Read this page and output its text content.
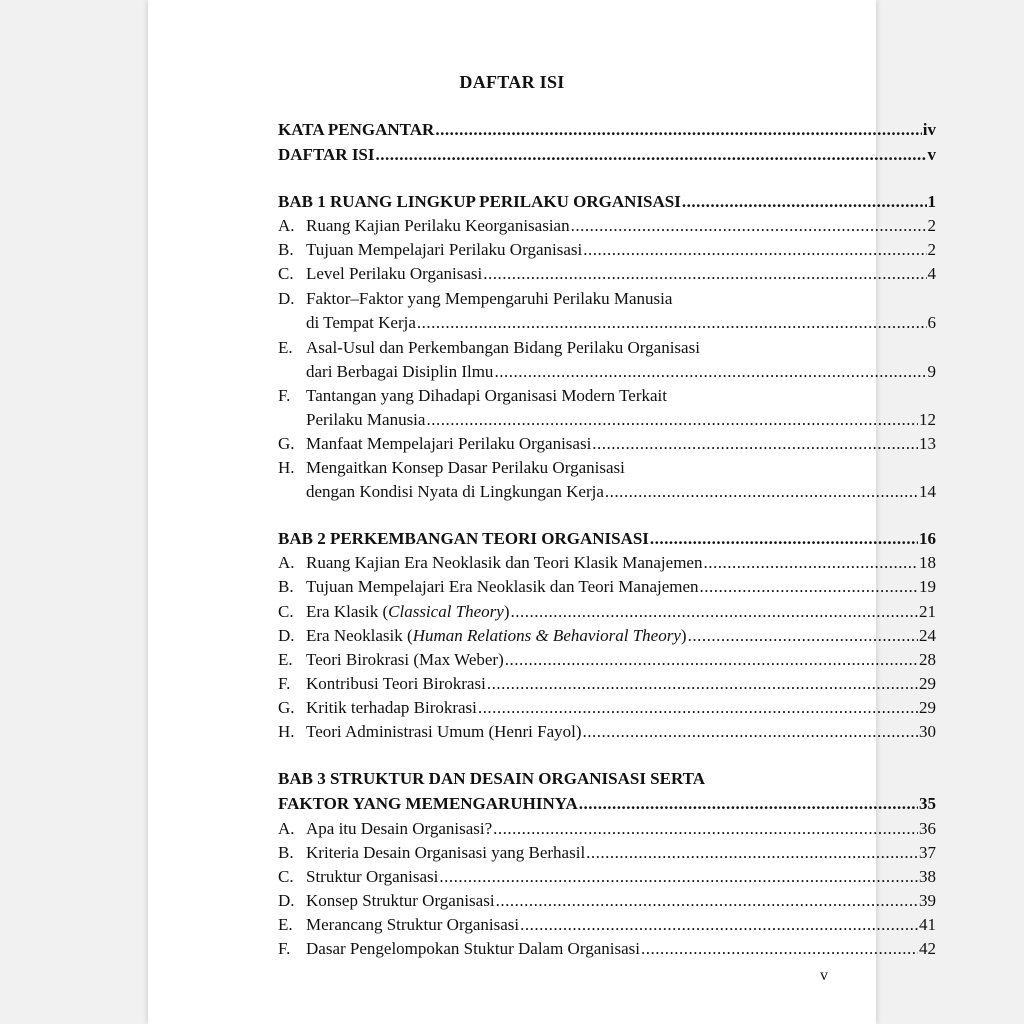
DAFTAR ISI
KATA PENGANTAR .....	iv
DAFTAR ISI .....	v
BAB 1 RUANG LINGKUP PERILAKU ORGANISASI .....	1
A. Ruang Kajian Perilaku Keorganisasian .....	2
B. Tujuan Mempelajari Perilaku Organisasi .....	2
C. Level Perilaku Organisasi .....	4
D. Faktor–Faktor yang Mempengaruhi Perilaku Manusia
di Tempat Kerja .....	6
E. Asal-Usul dan Perkembangan Bidang Perilaku Organisasi
dari Berbagai Disiplin Ilmu .....	9
F. Tantangan yang Dihadapi Organisasi Modern Terkait
Perilaku Manusia .....	12
G. Manfaat Mempelajari Perilaku Organisasi .....	13
H. Mengaitkan Konsep Dasar Perilaku Organisasi
dengan Kondisi Nyata di Lingkungan Kerja .....	14
BAB 2 PERKEMBANGAN TEORI ORGANISASI .....	16
A. Ruang Kajian Era Neoklasik dan Teori Klasik Manajemen .....	18
B. Tujuan Mempelajari Era Neoklasik dan Teori Manajemen .....	19
C. Era Klasik (Classical Theory) .....	21
D. Era Neoklasik (Human Relations & Behavioral Theory) .....	24
E. Teori Birokrasi (Max Weber) .....	28
F. Kontribusi Teori Birokrasi .....	29
G. Kritik terhadap Birokrasi .....	29
H. Teori Administrasi Umum (Henri Fayol) .....	30
BAB 3 STRUKTUR DAN DESAIN ORGANISASI SERTA
FAKTOR YANG MEMENGARUHINYA .....	35
A. Apa itu Desain Organisasi? .....	36
B. Kriteria Desain Organisasi yang Berhasil .....	37
C. Struktur Organisasi .....	38
D. Konsep Struktur Organisasi .....	39
E. Merancang Struktur Organisasi .....	41
F. Dasar Pengelompokan Stuktur Dalam Organisasi .....	42
v
